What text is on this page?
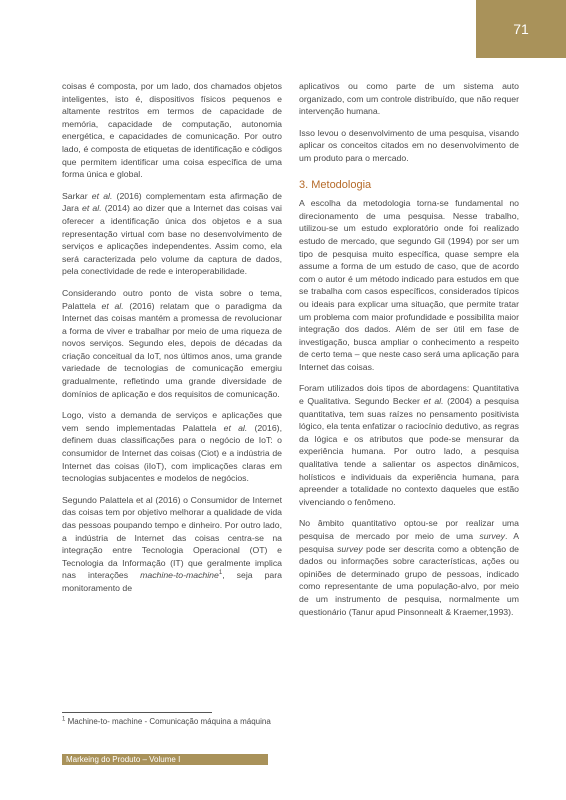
71

coisas é composta, por um lado, dos chamados objetos inteligentes, isto é, dispositivos físicos pequenos e altamente restritos em termos de capacidade de memória, capacidade de computação, autonomia energética, e capacidades de comunicação. Por outro lado, é composta de etiquetas de identificação e códigos que permitem identificar uma coisa específica de uma forma única e global.

Sarkar et al. (2016) complementam esta afirmação de Jara et al. (2014) ao dizer que a Internet das coisas vai oferecer a identificação única dos objetos e a sua representação virtual com base no desenvolvimento de serviços e aplicações independentes. Assim como, ela será caracterizada pelo volume da captura de dados, pela conectividade de rede e interoperabilidade.

Considerando outro ponto de vista sobre o tema, Palattela et al. (2016) relatam que o paradigma da Internet das coisas mantém a promessa de revolucionar a forma de viver e trabalhar por meio de uma riqueza de novos serviços. Segundo eles, depois de décadas da criação conceitual da IoT, nos últimos anos, uma grande variedade de tecnologias de comunicação emergiu gradualmente, refletindo uma grande diversidade de domínios de aplicação e dos requisitos de comunicação.

Logo, visto a demanda de serviços e aplicações que vem sendo implementadas Palattela et al. (2016), definem duas classificações para o negócio de IoT: o consumidor de Internet das coisas (Ciot) e a indústria de Internet das coisas (iIoT), com implicações claras em tecnologias subjacentes e modelos de negócios.

Segundo Palattela et al (2016) o Consumidor de Internet das coisas tem por objetivo melhorar a qualidade de vida das pessoas poupando tempo e dinheiro. Por outro lado, a indústria de Internet das coisas centra-se na integração entre Tecnologia Operacional (OT) e Tecnologia da Informação (IT) que geralmente implica nas interações machine-to-machine$^1$, seja para monitoramento de

aplicativos ou como parte de um sistema auto organizado, com um controle distribuído, que não requer intervenção humana.

Isso levou o desenvolvimento de uma pesquisa, visando aplicar os conceitos citados em no desenvolvimento de um produto para o mercado.

3. Metodologia

A escolha da metodologia torna-se fundamental no direcionamento de uma pesquisa. Nesse trabalho, utilizou-se um estudo exploratório onde foi realizado estudo de mercado, que segundo Gil (1994) por ser um tipo de pesquisa muito específica, quase sempre ela assume a forma de um estudo de caso, que de acordo com o autor é um método indicado para estudos em que se trabalha com casos específicos, considerados típicos ou ideais para explicar uma situação, que permite tratar um problema com maior profundidade e possibilita maior integração dos dados. Além de ser útil em fase de investigação, busca ampliar o conhecimento a respeito de certo tema – que neste caso será uma aplicação para Internet das coisas.

Foram utilizados dois tipos de abordagens: Quantitativa e Qualitativa. Segundo Becker et al. (2004) a pesquisa quantitativa, tem suas raízes no pensamento positivista lógico, ela tenta enfatizar o raciocínio dedutivo, as regras da lógica e os atributos que pode-se mensurar da experiência humana. Por outro lado, a pesquisa qualitativa tende a salientar os aspectos dinâmicos, holísticos e individuais da experiência humana, para apreender a totalidade no contexto daqueles que estão vivenciando o fenômeno.

No âmbito quantitativo optou-se por realizar uma pesquisa de mercado por meio de uma survey. A pesquisa survey pode ser descrita como a obtenção de dados ou informações sobre características, ações ou opiniões de determinado grupo de pessoas, indicado como representante de uma população-alvo, por meio de um instrumento de pesquisa, normalmente um questionário (Tanur apud Pinsonnealt & Kraemer,1993).

$^1$ Machine-to- machine - Comunicação máquina a máquina
Markeing do Produto – Volume I
